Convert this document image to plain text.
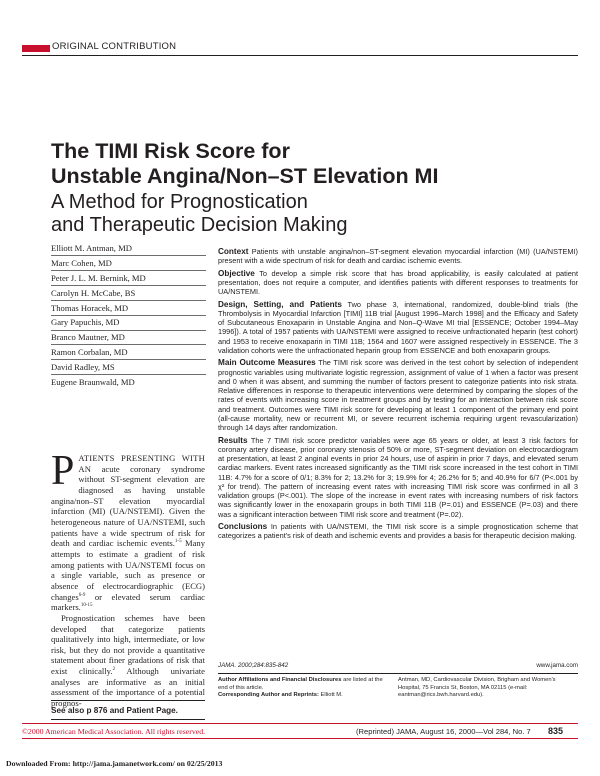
ORIGINAL CONTRIBUTION
The TIMI Risk Score for
Unstable Angina/Non–ST Elevation MI
A Method for Prognostication
and Therapeutic Decision Making
Elliott M. Antman, MD
Marc Cohen, MD
Peter J. L. M. Bernink, MD
Carolyn H. McCabe, BS
Thomas Horacek, MD
Gary Papuchis, MD
Branco Mautner, MD
Ramon Corbalan, MD
David Radley, MS
Eugene Braunwald, MD

PATIENTS PRESENTING WITH AN acute coronary syndrome without ST-segment elevation are diagnosed as having unstable angina/non–ST elevation myocardial infarction (MI) (UA/NSTEMI). Given the heterogeneous nature of UA/NSTEMI, such patients have a wide spectrum of risk for death and cardiac ischemic events.$^{1-5}$ Many attempts to estimate a gradient of risk among patients with UA/NSTEMI focus on a single variable, such as presence or absence of electrocardiographic (ECG) changes$^{6-9}$ or elevated serum cardiac markers.$^{10-15}$

Prognostication schemes have been developed that categorize patients qualitatively into high, intermediate, or low risk, but they do not provide a quantitative statement about finer gradations of risk that exist clinically.$^2$ Although univariate analyses are informative as an initial assessment of the importance of a potential prognos-

See also p 876 and Patient Page.

Context Patients with unstable angina/non–ST-segment elevation myocardial infarction (MI) (UA/NSTEMI) present with a wide spectrum of risk for death and cardiac ischemic events.

Objective To develop a simple risk score that has broad applicability, is easily calculated at patient presentation, does not require a computer, and identifies patients with different responses to treatments for UA/NSTEMI.

Design, Setting, and Patients Two phase 3, international, randomized, double-blind trials (the Thrombolysis in Myocardial Infarction [TIMI] 11B trial [August 1996–March 1998] and the Efficacy and Safety of Subcutaneous Enoxaparin in Unstable Angina and Non–Q-Wave MI trial [ESSENCE; October 1994–May 1996]). A total of 1957 patients with UA/NSTEMI were assigned to receive unfractionated heparin (test cohort) and 1953 to receive enoxaparin in TIMI 11B; 1564 and 1607 were assigned respectively in ESSENCE. The 3 validation cohorts were the unfractionated heparin group from ESSENCE and both enoxaparin groups.

Main Outcome Measures The TIMI risk score was derived in the test cohort by selection of independent prognostic variables using multivariate logistic regression, assignment of value of 1 when a factor was present and 0 when it was absent, and summing the number of factors present to categorize patients into risk strata. Relative differences in response to therapeutic interventions were determined by comparing the slopes of the rates of events with increasing score in treatment groups and by testing for an interaction between risk score and treatment. Outcomes were TIMI risk score for developing at least 1 component of the primary end point (all-cause mortality, new or recurrent MI, or severe recurrent ischemia requiring urgent revascularization) through 14 days after randomization.

Results The 7 TIMI risk score predictor variables were age 65 years or older, at least 3 risk factors for coronary artery disease, prior coronary stenosis of 50% or more, ST-segment deviation on electrocardiogram at presentation, at least 2 anginal events in prior 24 hours, use of aspirin in prior 7 days, and elevated serum cardiac markers. Event rates increased significantly as the TIMI risk score increased in the test cohort in TIMI 11B: 4.7% for a score of 0/1; 8.3% for 2; 13.2% for 3; 19.9% for 4; 26.2% for 5; and 40.9% for 6/7 (P<.001 by χ² for trend). The pattern of increasing event rates with increasing TIMI risk score was confirmed in all 3 validation groups (P<.001). The slope of the increase in event rates with increasing numbers of risk factors was significantly lower in the enoxaparin groups in both TIMI 11B (P=.01) and ESSENCE (P=.03) and there was a significant interaction between TIMI risk score and treatment (P=.02).

Conclusions In patients with UA/NSTEMI, the TIMI risk score is a simple prognostication scheme that categorizes a patient's risk of death and ischemic events and provides a basis for therapeutic decision making.

JAMA. 2000;284:835-842	www.jama.com
Author Affiliations and Financial Disclosures are listed at the end of this article.
Corresponding Author and Reprints: Elliott M.
Antman, MD, Cardiovascular Division, Brigham and Women's Hospital, 75 Francis St, Boston, MA 02115 (e-mail: eantman@rics.bwh.harvard.edu).
©2000 American Medical Association. All rights reserved.	(Reprinted) JAMA, August 16, 2000—Vol 284, No. 7 835
Downloaded From: http://jama.jamanetwork.com/ on 02/25/2013
